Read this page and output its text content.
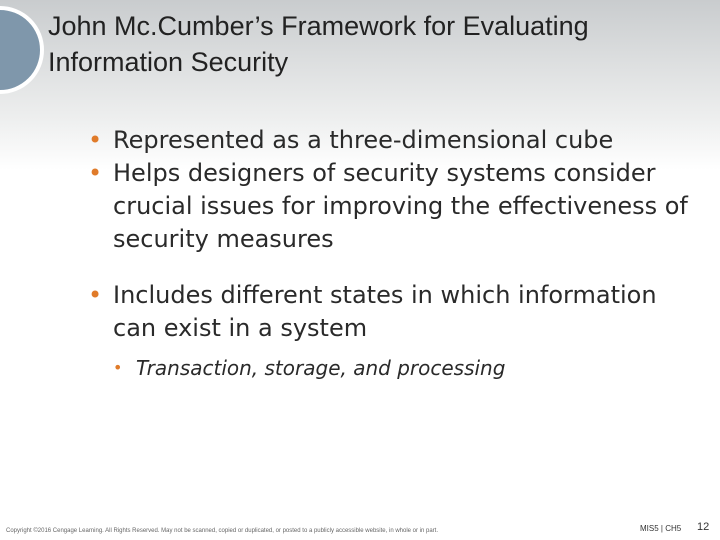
John Mc.Cumber’s Framework for Evaluating Information Security
• Represented as a three-dimensional cube
• Helps designers of security systems consider crucial issues for improving the effectiveness of security measures
• Includes different states in which information can exist in a system
• Transaction, storage, and processing
Copyright ©2016 Cengage Learning. All Rights Reserved. May not be scanned, copied or duplicated, or posted to a publicly accessible website, in whole or in part.	MIS5 | CH5 12
